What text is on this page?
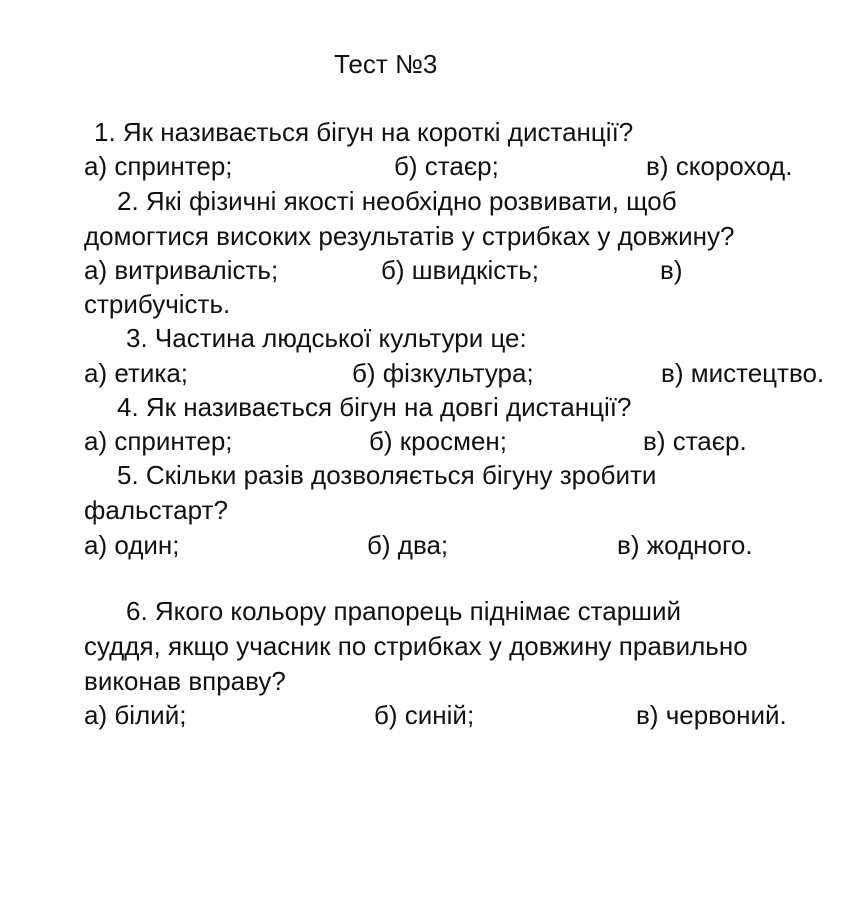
Тест №3
1. Як називається бігун на короткі дистанції?
а) спринтер;	б) стаєр;	в) скороход.
2. Які фізичні якості необхідно розвивати, щоб
домогтися високих результатів у стрибках у довжину?
а) витривалість;	б) швидкість;	в)
стрибучість.
3. Частина людської культури це:
а) етика;	б) фізкультура;	в) мистецтво.
4. Як називається бігун на довгі дистанції?
а) спринтер;	б) кросмен;	в) стаєр.
5. Скільки разів дозволяється бігуну зробити
фальстарт?
а) один;	б) два;	в) жодного.
6. Якого кольору прапорець піднімає старший
суддя, якщо учасник по стрибках у довжину правильно
виконав вправу?
а) білий;	б) синій;	в) червоний.
